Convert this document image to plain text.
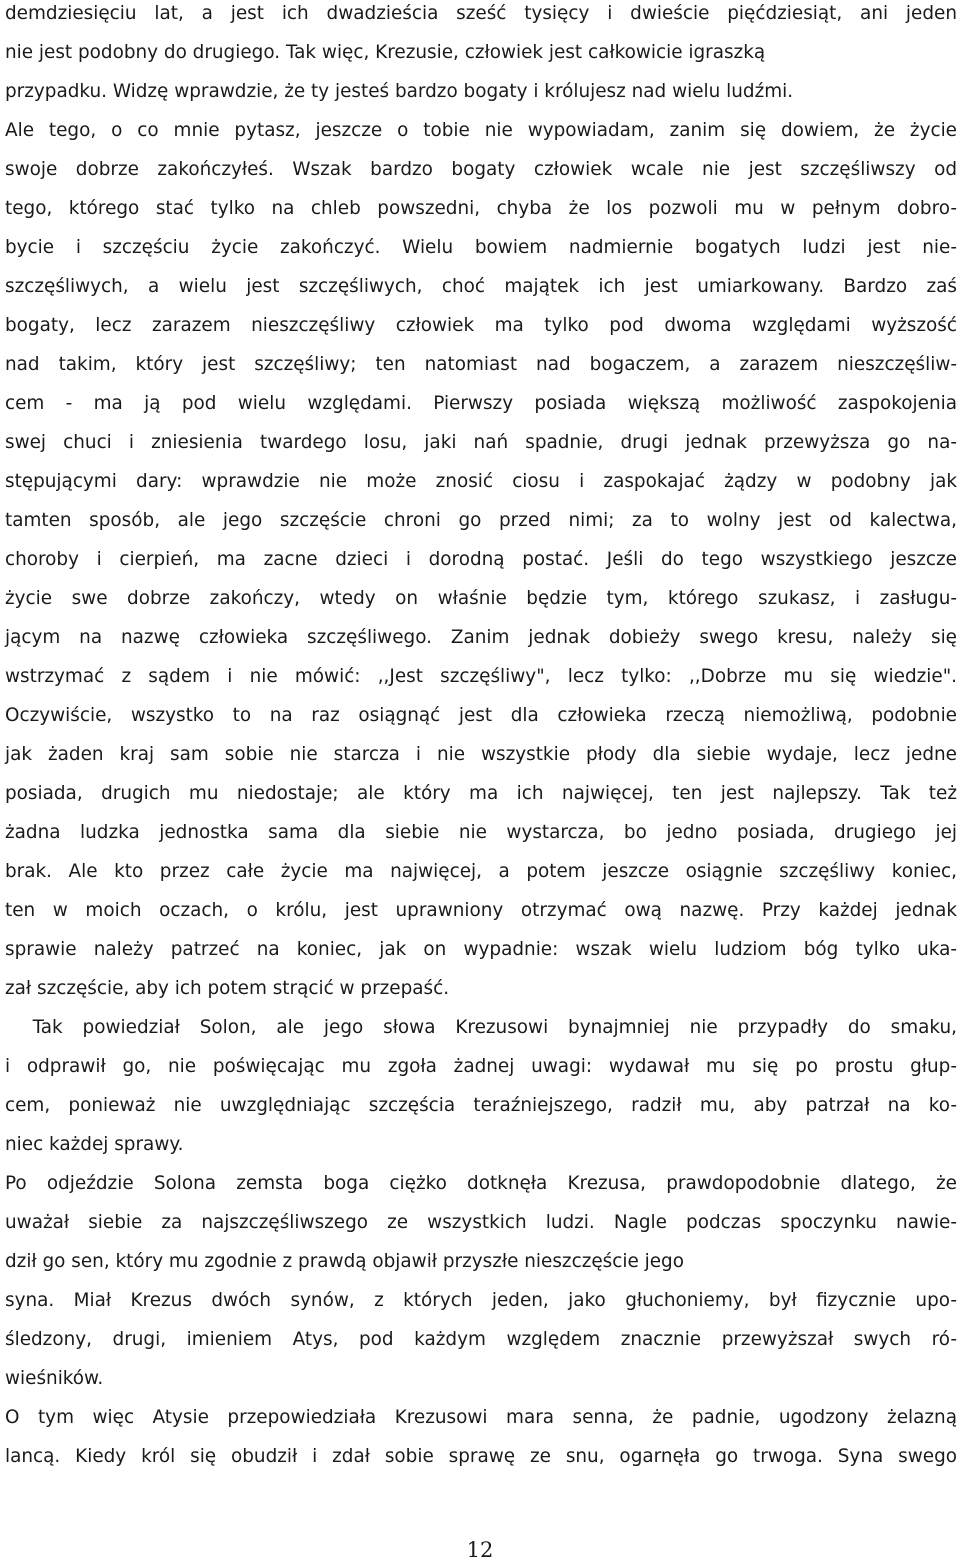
demdziesięciu lat, a jest ich dwadzieścia sześć tysięcy i dwieście pięćdziesiąt, ani jeden
nie jest podobny do drugiego. Tak więc, Krezusie, człowiek jest całkowicie igraszką
przypadku. Widzę wprawdzie, że ty jesteś bardzo bogaty i królujesz nad wielu ludźmi.
Ale tego, o co mnie pytasz, jeszcze o tobie nie wypowiadam, zanim się dowiem, że życie
swoje dobrze zakończyłeś. Wszak bardzo bogaty człowiek wcale nie jest szczęśliwszy od
tego, którego stać tylko na chleb powszedni, chyba że los pozwoli mu w pełnym dobro-
bycie i szczęściu życie zakończyć. Wielu bowiem nadmiernie bogatych ludzi jest nie-
szczęśliwych, a wielu jest szczęśliwych, choć majątek ich jest umiarkowany. Bardzo zaś
bogaty, lecz zarazem nieszczęśliwy człowiek ma tylko pod dwoma względami wyższość
nad takim, który jest szczęśliwy; ten natomiast nad bogaczem, a zarazem nieszczęśliw-
cem - ma ją pod wielu względami. Pierwszy posiada większą możliwość zaspokojenia
swej chuci i zniesienia twardego losu, jaki nań spadnie, drugi jednak przewyższa go na-
stępującymi dary: wprawdzie nie może znosić ciosu i zaspokajać żądzy w podobny jak
tamten sposób, ale jego szczęście chroni go przed nimi; za to wolny jest od kalectwa,
choroby i cierpień, ma zacne dzieci i dorodną postać. Jeśli do tego wszystkiego jeszcze
życie swe dobrze zakończy, wtedy on właśnie będzie tym, którego szukasz, i zasługu-
jącym na nazwę człowieka szczęśliwego. Zanim jednak dobieży swego kresu, należy się
wstrzymać z sądem i nie mówić: ,,Jest szczęśliwy", lecz tylko: ,,Dobrze mu się wiedzie".
Oczywiście, wszystko to na raz osiągnąć jest dla człowieka rzeczą niemożliwą, podobnie
jak żaden kraj sam sobie nie starcza i nie wszystkie płody dla siebie wydaje, lecz jedne
posiada, drugich mu niedostaje; ale który ma ich najwięcej, ten jest najlepszy. Tak też
żadna ludzka jednostka sama dla siebie nie wystarcza, bo jedno posiada, drugiego jej
brak. Ale kto przez całe życie ma najwięcej, a potem jeszcze osiągnie szczęśliwy koniec,
ten w moich oczach, o królu, jest uprawniony otrzymać ową nazwę. Przy każdej jednak
sprawie należy patrzeć na koniec, jak on wypadnie: wszak wielu ludziom bóg tylko uka-
zał szczęście, aby ich potem strącić w przepaść.
Tak powiedział Solon, ale jego słowa Krezusowi bynajmniej nie przypadły do smaku,
i odprawił go, nie poświęcając mu zgoła żadnej uwagi: wydawał mu się po prostu głup-
cem, ponieważ nie uwzględniając szczęścia teraźniejszego, radził mu, aby patrzał na ko-
niec każdej sprawy.
Po odjeździe Solona zemsta boga ciężko dotknęła Krezusa, prawdopodobnie dlatego, że
uważał siebie za najszczęśliwszego ze wszystkich ludzi. Nagle podczas spoczynku nawie-
dził go sen, który mu zgodnie z prawdą objawił przyszłe nieszczęście jego
syna. Miał Krezus dwóch synów, z których jeden, jako głuchoniemy, był fizycznie upo-
śledzony, drugi, imieniem Atys, pod każdym względem znacznie przewyższał swych ró-
wieśników.
O tym więc Atysie przepowiedziała Krezusowi mara senna, że padnie, ugodzony żelazną
lancą. Kiedy król się obudził i zdał sobie sprawę ze snu, ogarnęła go trwoga. Syna swego
12
